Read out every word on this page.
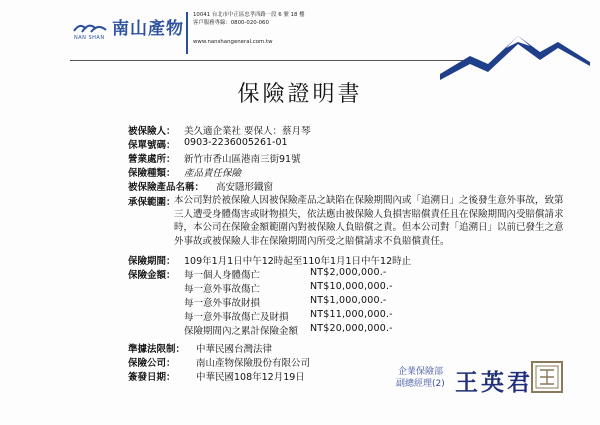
NAN SHAN 南山產物
10041 台北市中正區忠孝西路一段 6 號 18 樓
客戶服務專線：0800-020-060
www.nanshangeneral.com.tw
保險證明書
被保險人： 美久適企業社 要保人：蔡月琴
保單號碼： 0903-2236005261-01
營業處所： 新竹市香山區港南三街91號
保險種類： 產品責任保險
被保險產品名稱： 高安隱形鐵窗
承保範圍：
本公司對於被保險人因被保險產品之缺陷在保險期間內或「追溯日」之後發生意外事故，致第三人遭受身體傷害或財物損失，依法應由被保險人負損害賠償責任且在保險期間內受賠償請求時，本公司在保險金額範圍內對被保險人負賠償之責。但本公司對「追溯日」以前已發生之意外事故或被保險人非在保險期間內所受之賠償請求不負賠償責任。
保險期間： 109年1月1日中午12時起至110年1月1日中午12時止
保險金額： 每一個人身體傷亡	NT$2,000,000.-
每一意外事故傷亡	NT$10,000,000.-
每一意外事故財損	NT$1,000,000.-
每一意外事故傷亡及財損 NT$11,000,000.-
保險期間內之累計保險金額 NT$20,000,000.-
準據法限制： 中華民國台灣法律
保險公司： 南山產物保險股份有限公司
簽發日期： 中華民國108年12月19日	企業保險部
副總經理(2) 王英君
